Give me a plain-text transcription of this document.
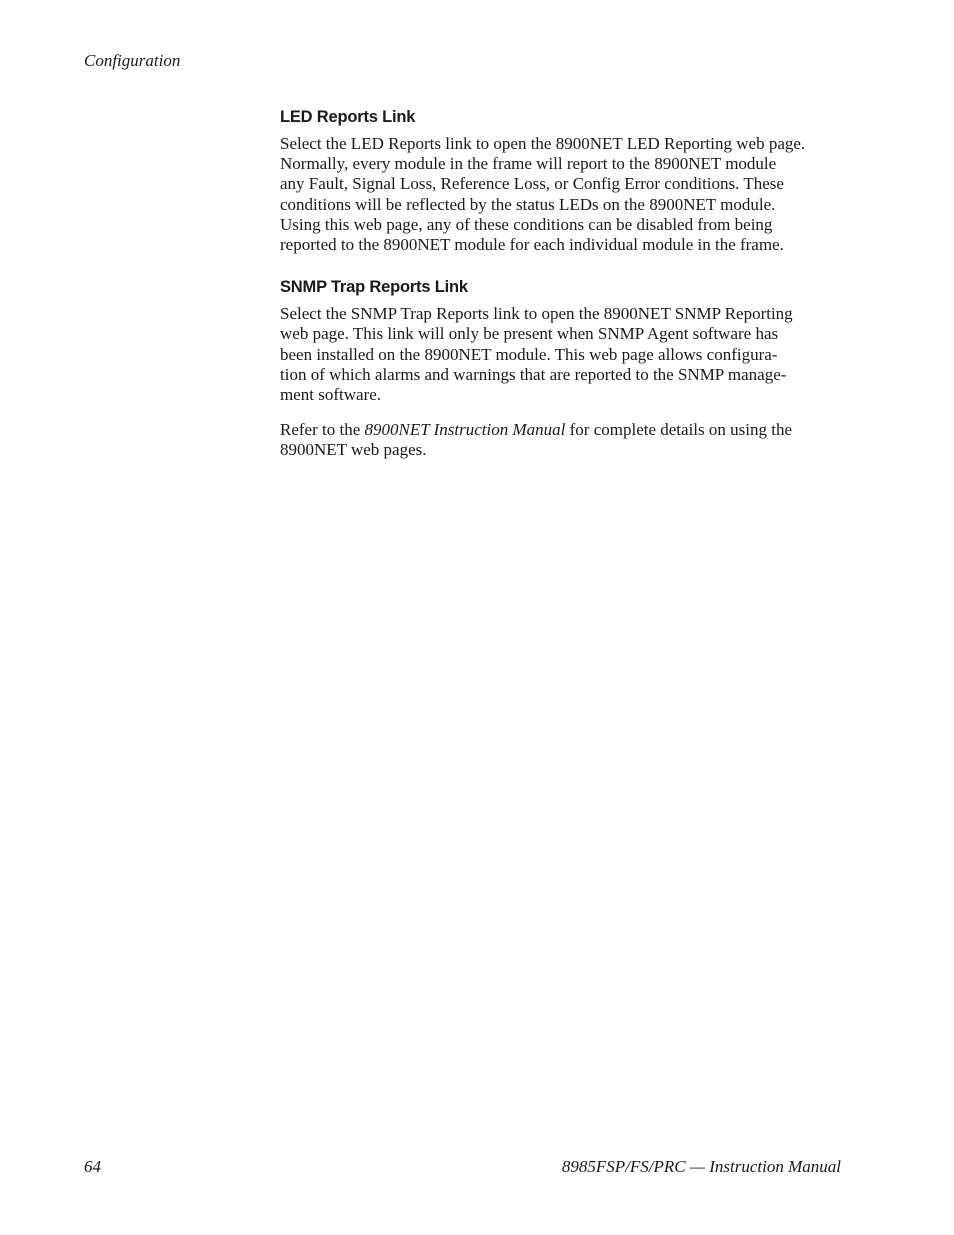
Configuration
LED Reports Link

Select the LED Reports link to open the 8900NET LED Reporting web page.
Normally, every module in the frame will report to the 8900NET module
any Fault, Signal Loss, Reference Loss, or Config Error conditions. These
conditions will be reflected by the status LEDs on the 8900NET module.
Using this web page, any of these conditions can be disabled from being
reported to the 8900NET module for each individual module in the frame.

SNMP Trap Reports Link

Select the SNMP Trap Reports link to open the 8900NET SNMP Reporting
web page. This link will only be present when SNMP Agent software has
been installed on the 8900NET module. This web page allows configura-
tion of which alarms and warnings that are reported to the SNMP manage-
ment software.

Refer to the 8900NET Instruction Manual for complete details on using the
8900NET web pages.

64	8985FSP/FS/PRC — Instruction Manual
